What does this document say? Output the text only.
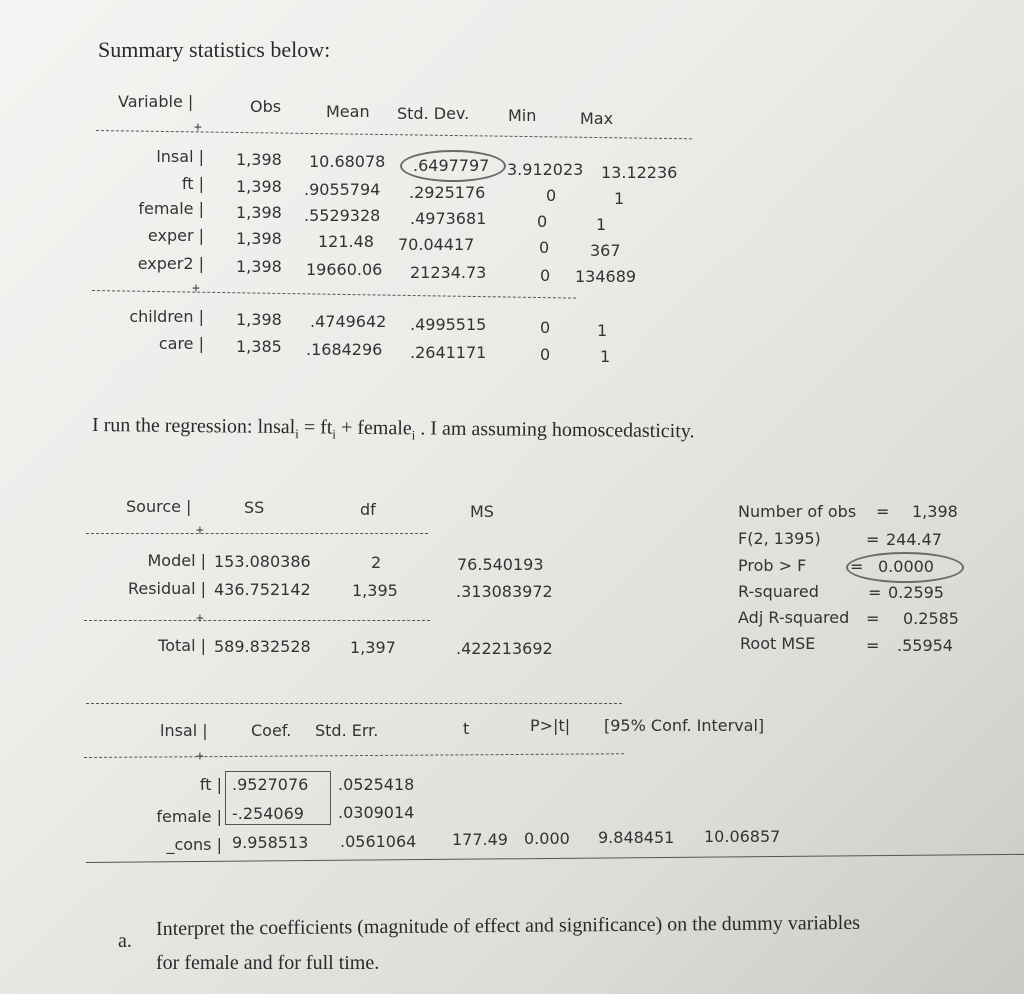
Summary statistics below:
Variable |	Obs	Mean Std. Dev. Min	Max
+
lnsal | 1,398 10.68078 .6497797 3.912023 13.12236
ft | 1,398 .9055794 .2925176	0	1
female | 1,398 .5529328 .4973681	0	1
exper | 1,398 121.48 70.04417	0	367
exper2 | 1,398 19660.06 21234.73	0 134689
+
children | 1,398 .4749642 .4995515	0	1
care | 1,385 .1684296 .2641171	0	1
I run the regression: lnsal$_i$ = $ft_i$ + female$_i$ . I am assuming homoscedasticity.
Source |	SS	df	MS
+
Model | 153.080386	2	76.540193
Residual | 436.752142	1,395	.313083972
+
Total | 589.832528 1,397	.422213692
Number of obs = 1,398
F(2, 1395)	= 244.47
Prob > F	= 0.0000
R-squared	= 0.2595
Adj R-squared = 0.2585
Root MSE	= .55954
lnsal |	Coef. Std. Err.	t	P>|t| [95% Conf. Interval]
+
ft | .9527076 .0525418
female | -.254069 .0309014
_cons | 9.958513 .0561064 177.49 0.000 9.848451 10.06857
a.
Interpret the coefficients (magnitude of effect and significance) on the dummy variables
for female and for full time.
